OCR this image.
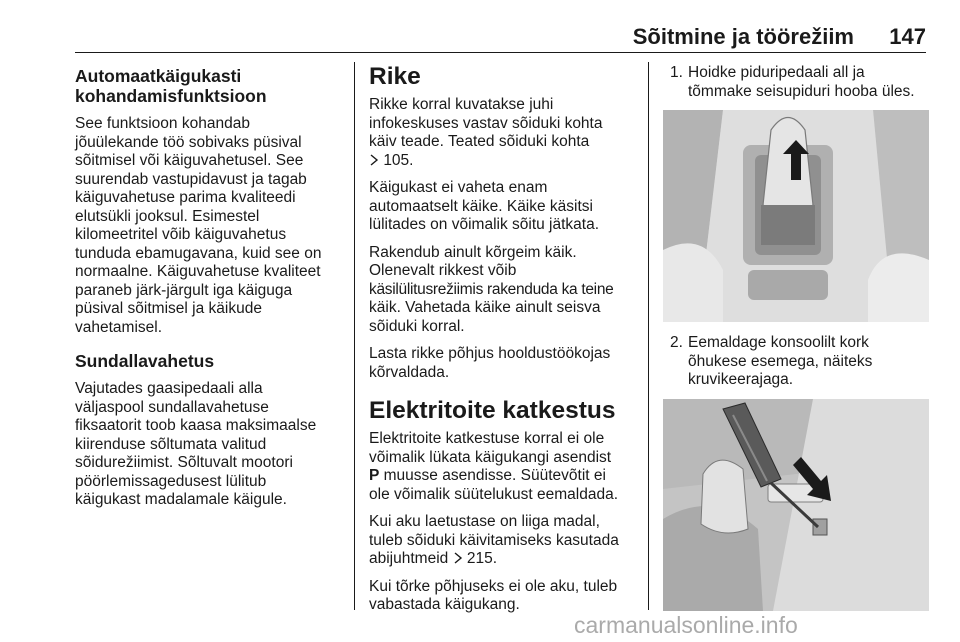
Sõitmine ja töörežiim 147
Automaatkäigukasti
kohandamisfunktsioon

See funktsioon kohandab
jõuülekande töö sobivaks püsival
sõitmisel või käiguvahetusel. See
suurendab vastupidavust ja tagab
käiguvahetuse parima kvaliteedi
elutsükli jooksul. Esimestel
kilomeetritel võib käiguvahetus
tunduda ebamugavana, kuid see on
normaalne. Käiguvahetuse kvaliteet
paraneb järk-järgult iga käiguga
püsival sõitmisel ja käikude
vahetamisel.

Sundallavahetus

Vajutades gaasipedaali alla
väljaspool sundallavahetuse
fiksaatorit toob kaasa maksimaalse
kiirenduse sõltumata valitud
sõidurežiimist. Sõltuvalt mootori
pöörlemissagedusest lülitub
käigukast madalamale käigule.

Rike

Rikke korral kuvatakse juhi
infokeskuses vastav sõiduki kohta
käiv teade. Teated sõiduki kohta
105.

Käigukast ei vaheta enam
automaatselt käike. Käike käsitsi
lülitades on võimalik sõitu jätkata.

Rakendub ainult kõrgeim käik.
Olenevalt rikkest võib
käsilülitusrežiimis rakenduda ka teine
käik. Vahetada käike ainult seisva
sõiduki korral.

Lasta rikke põhjus hooldustöökojas
kõrvaldada.

Elektritoite katkestus

Elektritoite katkestuse korral ei ole
võimalik lükata käigukangi asendist
P muusse asendisse. Süütevõtit ei
ole võimalik süütelukust eemaldada.

Kui aku laetustase on liiga madal,
tuleb sõiduki käivitamiseks kasutada
abijuhtmeid 215.

Kui tõrke põhjuseks ei ole aku, tuleb
vabastada käigukang.

1. Hoidke piduripedaali all ja
tõmmake seisupiduri hooba üles.
2. Eemaldage konsoolilt kork
õhukese esemega, näiteks
kruvikeerajaga.
carmanualsonline.info
